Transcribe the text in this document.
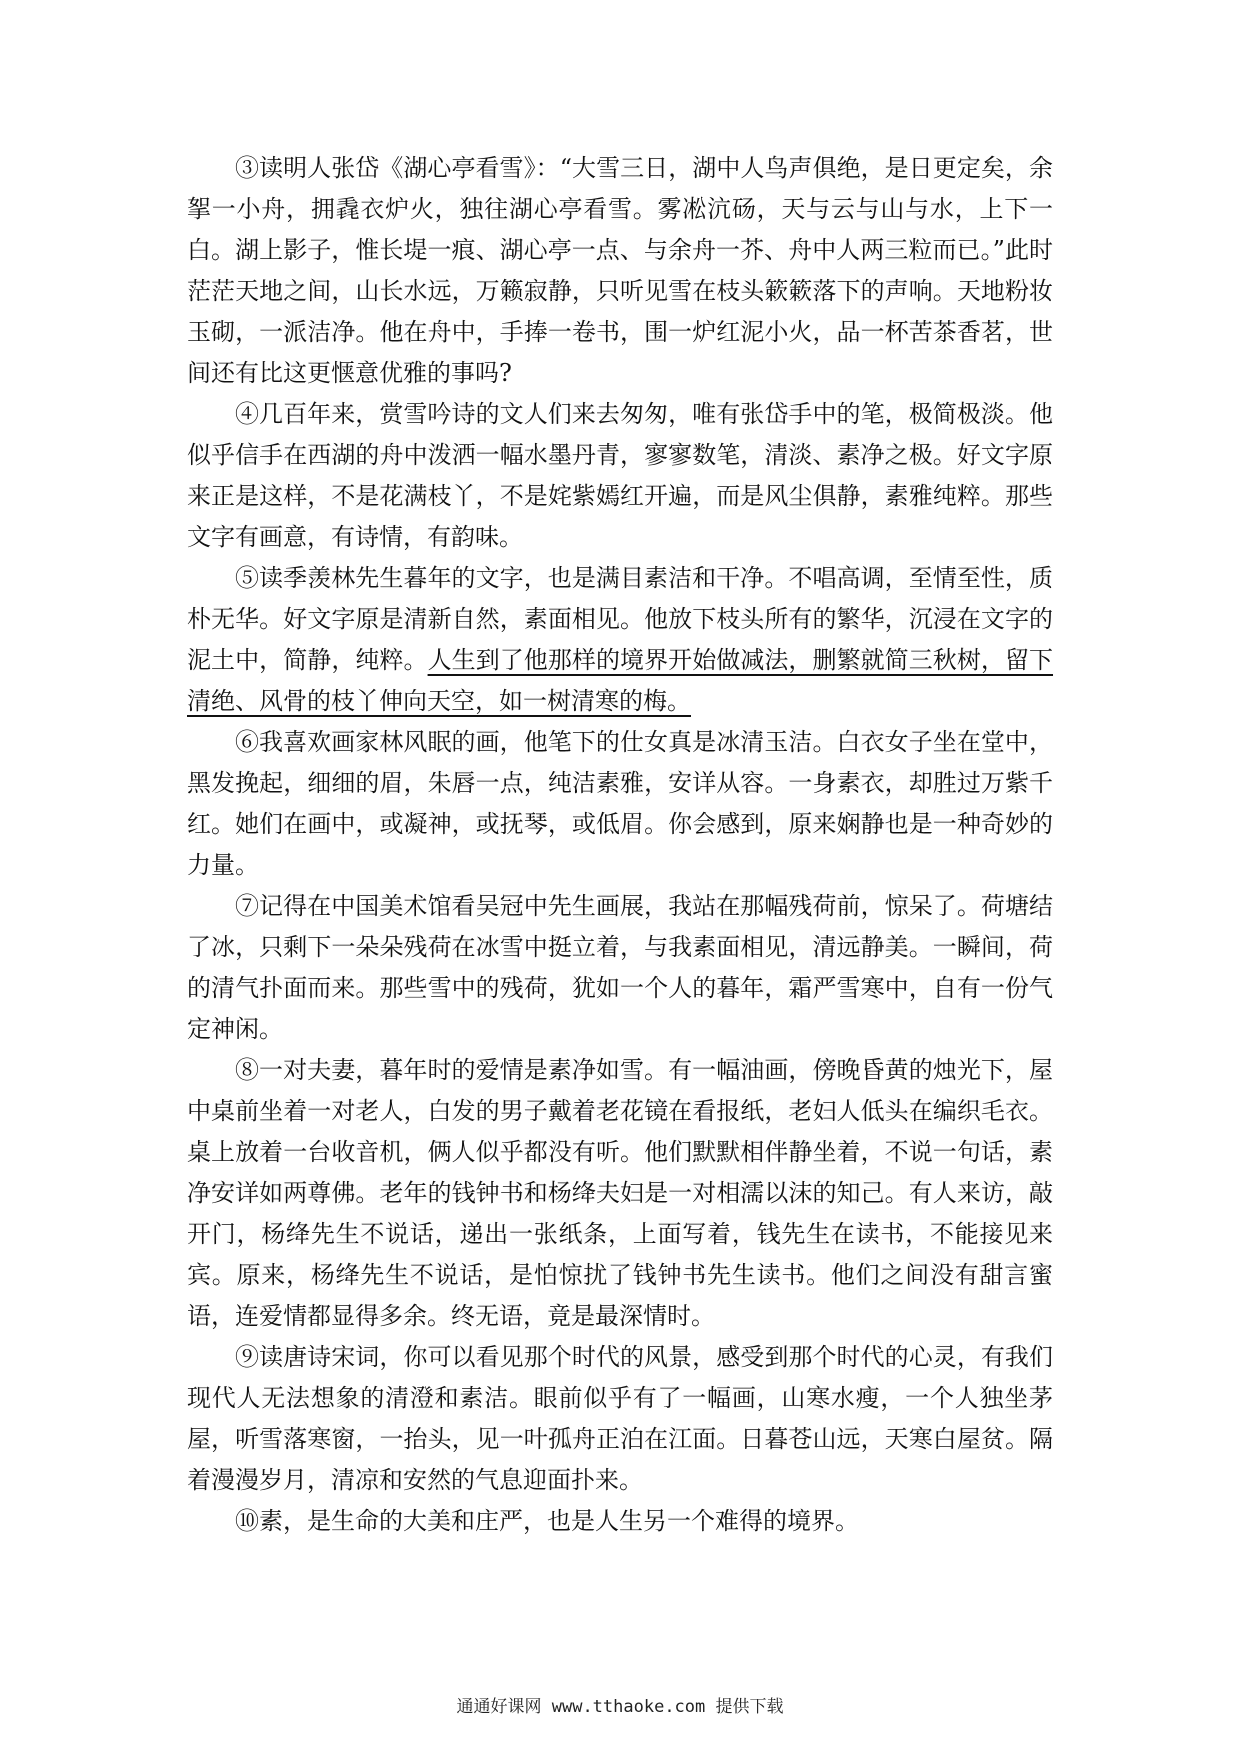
③读明人张岱《湖心亭看雪》：“大雪三日，湖中人鸟声俱绝，是日更定矣，余挐一小舟，拥毳衣炉火，独往湖心亭看雪。雾凇沆砀，天与云与山与水，上下一白。湖上影子，惟长堤一痕、湖心亭一点、与余舟一芥、舟中人两三粒而已。”此时茫茫天地之间，山长水远，万籁寂静，只听见雪在枝头簌簌落下的声响。天地粉妆玉砌，一派洁净。他在舟中，手捧一卷书，围一炉红泥小火，品一杯苦茶香茗，世间还有比这更惬意优雅的事吗?

④几百年来，赏雪吟诗的文人们来去匆匆，唯有张岱手中的笔，极简极淡。他似乎信手在西湖的舟中泼洒一幅水墨丹青，寥寥数笔，清淡、素净之极。好文字原来正是这样，不是花满枝丫，不是姹紫嫣红开遍，而是风尘俱静，素雅纯粹。那些文字有画意，有诗情，有韵味。

⑤读季羡林先生暮年的文字，也是满目素洁和干净。不唱高调，至情至性，质朴无华。好文字原是清新自然，素面相见。他放下枝头所有的繁华，沉浸在文字的泥土中，简静，纯粹。人生到了他那样的境界开始做减法，删繁就简三秋树，留下清绝、风骨的枝丫伸向天空，如一树清寒的梅。

⑥我喜欢画家林风眠的画，他笔下的仕女真是冰清玉洁。白衣女子坐在堂中，黑发挽起，细细的眉，朱唇一点，纯洁素雅，安详从容。一身素衣，却胜过万紫千红。她们在画中，或凝神，或抚琴，或低眉。你会感到，原来娴静也是一种奇妙的力量。

⑦记得在中国美术馆看吴冠中先生画展，我站在那幅残荷前，惊呆了。荷塘结了冰，只剩下一朵朵残荷在冰雪中挺立着，与我素面相见，清远静美。一瞬间，荷的清气扑面而来。那些雪中的残荷，犹如一个人的暮年，霜严雪寒中，自有一份气定神闲。

⑧一对夫妻，暮年时的爱情是素净如雪。有一幅油画，傍晚昏黄的烛光下，屋中桌前坐着一对老人，白发的男子戴着老花镜在看报纸，老妇人低头在编织毛衣。桌上放着一台收音机，俩人似乎都没有听。他们默默相伴静坐着，不说一句话，素净安详如两尊佛。老年的钱钟书和杨绛夫妇是一对相濡以沫的知己。有人来访，敲开门，杨绛先生不说话，递出一张纸条，上面写着，钱先生在读书，不能接见来宾。原来，杨绛先生不说话，是怕惊扰了钱钟书先生读书。他们之间没有甜言蜜语，连爱情都显得多余。终无语，竟是最深情时。

⑨读唐诗宋词，你可以看见那个时代的风景，感受到那个时代的心灵，有我们现代人无法想象的清澄和素洁。眼前似乎有了一幅画，山寒水瘦，一个人独坐茅屋，听雪落寒窗，一抬头，见一叶孤舟正泊在江面。日暮苍山远，天寒白屋贫。隔着漫漫岁月，清凉和安然的气息迎面扑来。

⑩素，是生命的大美和庄严，也是人生另一个难得的境界。

通通好课网 www.tthaoke.com 提供下载
